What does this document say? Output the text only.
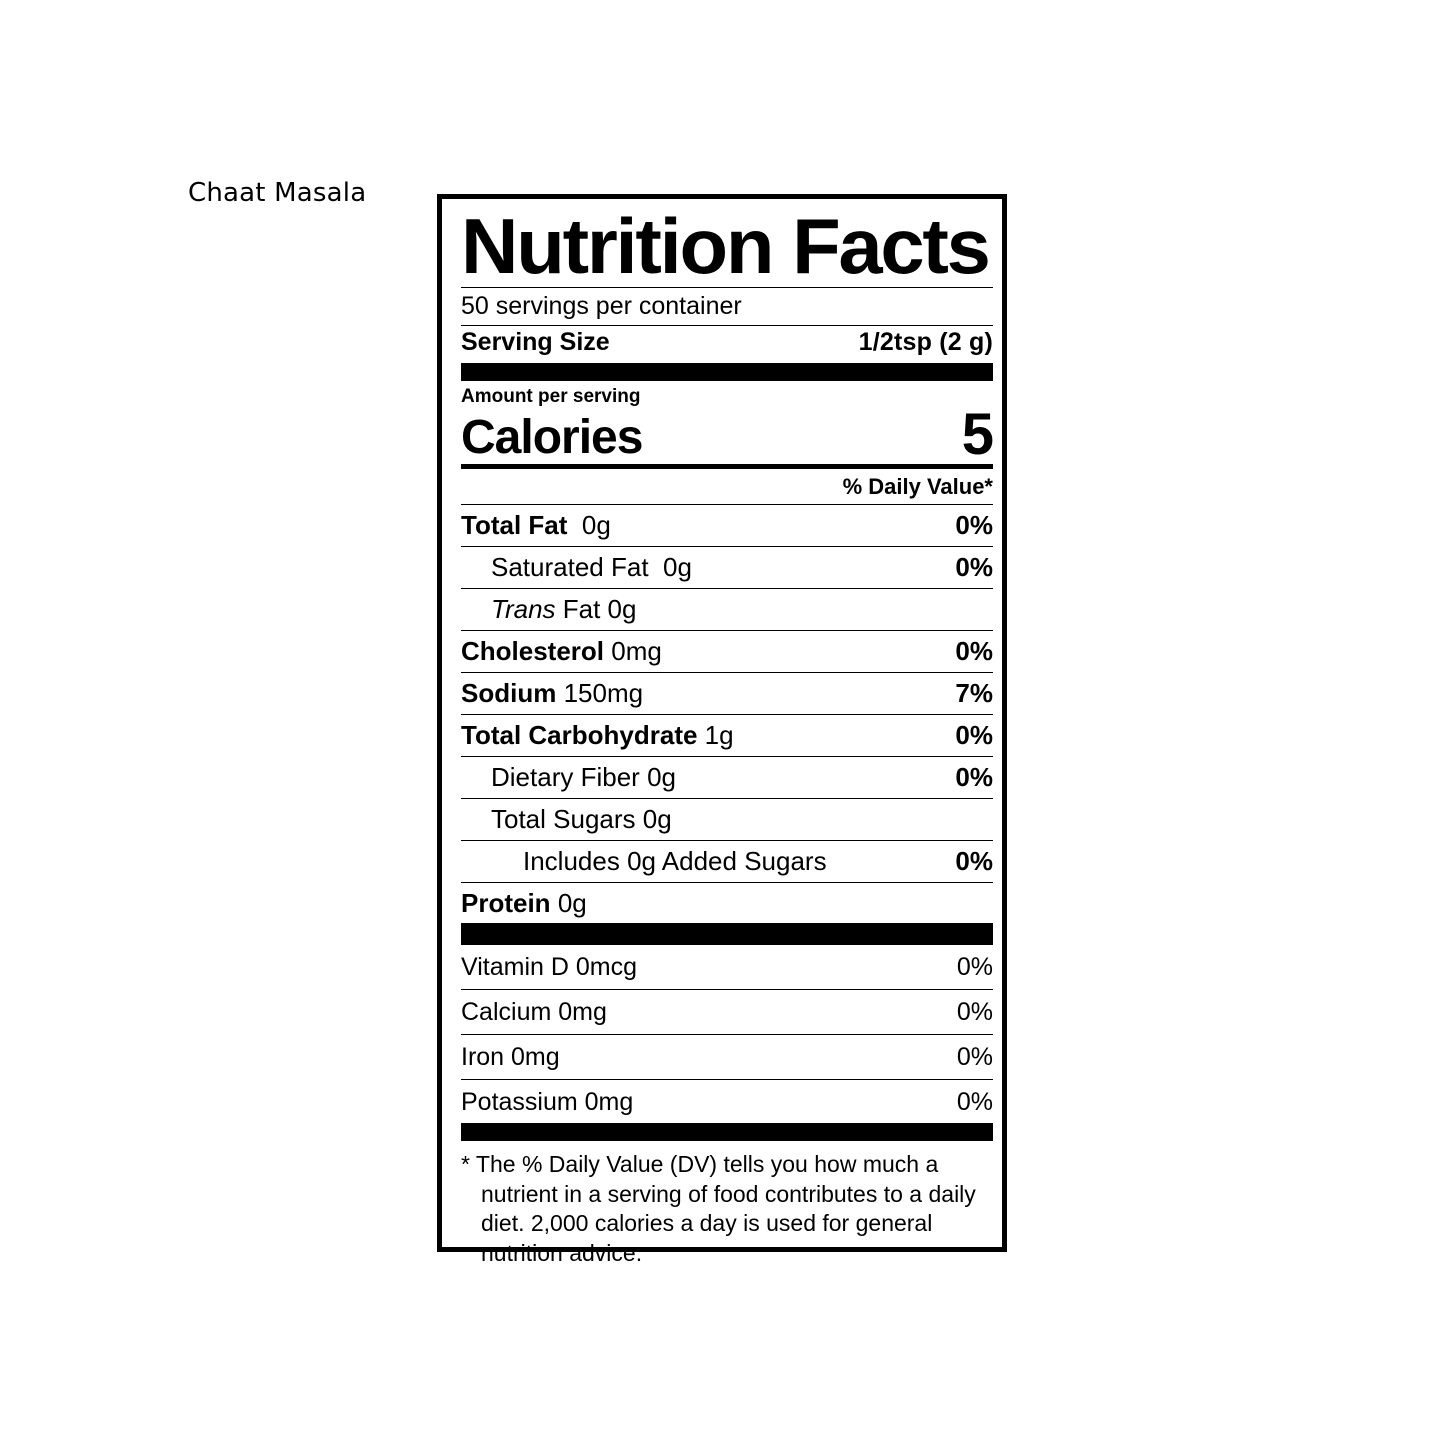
Chaat Masala
Nutrition Facts
50 servings per container
Serving Size	1/2tsp (2 g)
Amount per serving
Calories	5
% Daily Value*
Total Fat 0g	0%
Saturated Fat 0g	0%
Trans Fat 0g
Cholesterol 0mg	0%
Sodium 150mg	7%
Total Carbohydrate 1g	0%
Dietary Fiber 0g	0%
Total Sugars 0g
Includes 0g Added Sugars	0%
Protein 0g
Vitamin D 0mcg	0%
Calcium 0mg	0%
Iron 0mg	0%
Potassium 0mg	0%
* The % Daily Value (DV) tells you how much a nutrient in a serving of food contributes to a daily diet. 2,000 calories a day is used for general nutrition advice.
